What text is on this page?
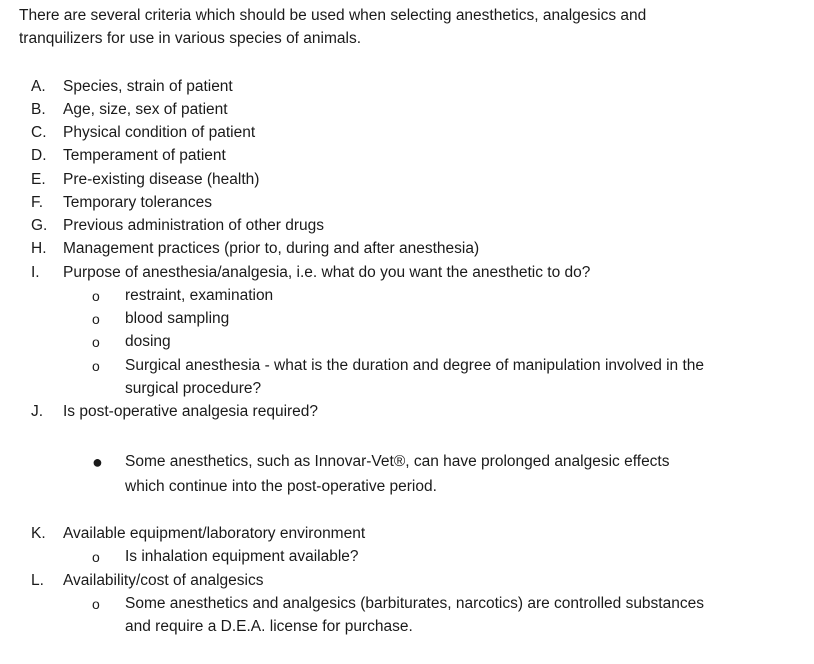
There are several criteria which should be used when selecting anesthetics, analgesics and
tranquilizers for use in various species of animals.
A. Species, strain of patient
B. Age, size, sex of patient
C. Physical condition of patient
D. Temperament of patient
E. Pre-existing disease (health)
F. Temporary tolerances
G. Previous administration of other drugs
H. Management practices (prior to, during and after anesthesia)
I. Purpose of anesthesia/analgesia, i.e. what do you want the anesthetic to do?
o restraint, examination
o blood sampling
o dosing
o Surgical anesthesia - what is the duration and degree of manipulation involved in the
surgical procedure?
J. Is post-operative analgesia required?
● Some anesthetics, such as Innovar-Vet®, can have prolonged analgesic effects
which continue into the post-operative period.
K. Available equipment/laboratory environment
o Is inhalation equipment available?
L. Availability/cost of analgesics
o Some anesthetics and analgesics (barbiturates, narcotics) are controlled substances
and require a D.E.A. license for purchase.
